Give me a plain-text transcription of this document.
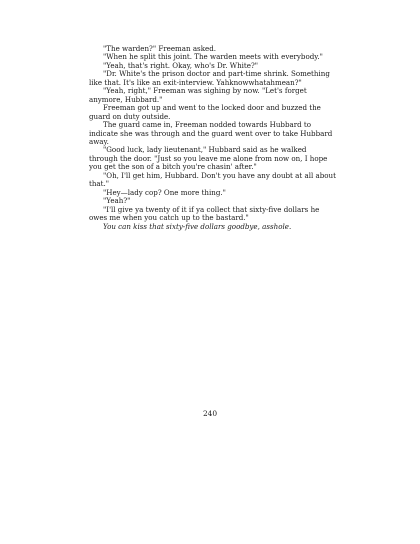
"The warden?" Freeman asked.

"When he split this joint. The warden meets with everybody."

"Yeah, that's right. Okay, who's Dr. White?"

"Dr. White's the prison doctor and part-time shrink. Something like that. It's like an exit-interview. Yahknowwhatahmean?"

"Yeah, right," Freeman was sighing by now. "Let's forget anymore, Hubbard."

Freeman got up and went to the locked door and buzzed the guard on duty outside.

The guard came in, Freeman nodded towards Hubbard to indicate she was through and the guard went over to take Hubbard away.

"Good luck, lady lieutenant," Hubbard said as he walked through the door. "Just so you leave me alone from now on, I hope you get the son of a bitch you're chasin' after."

"Oh, I'll get him, Hubbard. Don't you have any doubt at all about that."

"Hey—lady cop? One more thing."

"Yeah?"

"I'll give ya twenty of it if ya collect that sixty-five dollars he owes me when you catch up to the bastard."

You can kiss that sixty-five dollars goodbye, asshole.

240
